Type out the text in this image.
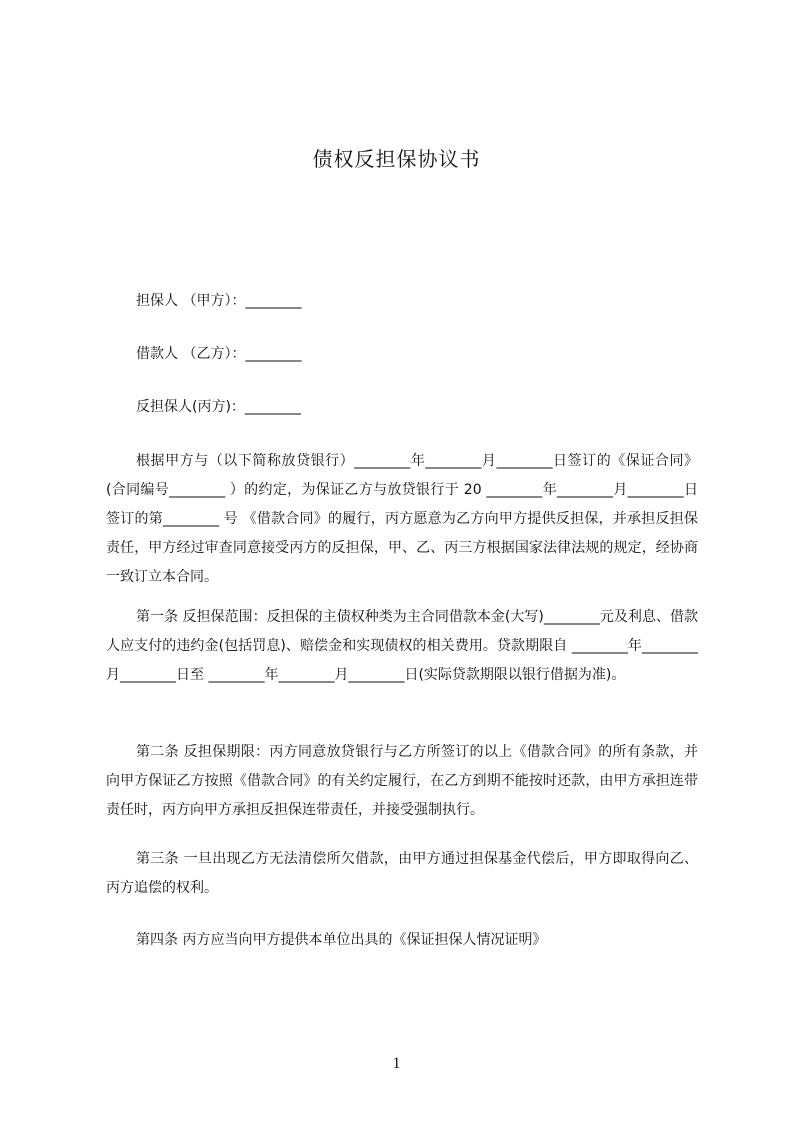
债权反担保协议书

担保人 （甲方）：________

借款人 （乙方）：________

反担保人(丙方)：________

根据甲方与（以下简称放贷银行）________年________月________日签订的《保证合同》(合同编号________ ）的约定，为保证乙方与放贷银行于 20 ________年________月________日签订的第________ 号 《借款合同》的履行，丙方愿意为乙方向甲方提供反担保，并承担反担保责任，甲方经过审查同意接受丙方的反担保，甲、乙、丙三方根据国家法律法规的规定，经协商一致订立本合同。

第一条 反担保范围：反担保的主债权种类为主合同借款本金(大写)________元及利息、借款人应支付的违约金(包括罚息)、赔偿金和实现债权的相关费用。贷款期限自 ________年________月________日至 ________年________月________日(实际贷款期限以银行借据为准)。

第二条 反担保期限：丙方同意放贷银行与乙方所签订的以上《借款合同》的所有条款，并向甲方保证乙方按照《借款合同》的有关约定履行，在乙方到期不能按时还款，由甲方承担连带责任时，丙方向甲方承担反担保连带责任，并接受强制执行。

第三条 一旦出现乙方无法清偿所欠借款，由甲方通过担保基金代偿后，甲方即取得向乙、丙方追偿的权利。

第四条 丙方应当向甲方提供本单位出具的《保证担保人情况证明》

1
